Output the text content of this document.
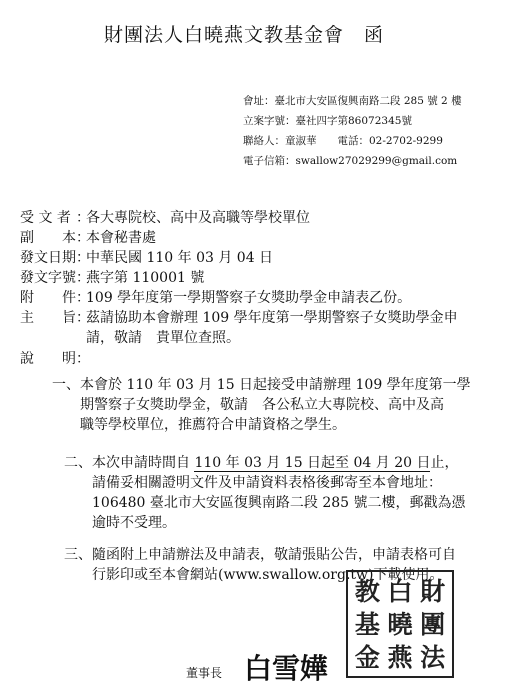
財團法人白曉燕文教基金會　函
會址：臺北市大安區復興南路二段 285 號 2 樓
立案字號：臺社四字第86072345號
聯絡人：童淑華　　電話：02-2702-9299
電子信箱：swallow27029299@gmail.com
受 文 者 ：
各大專院校、高中及高職等學校單位
副　　本 ：
本會秘書處
發文日期 ：
中華民國 110 年 03 月 04 日
發文字號 ：
燕字第 110001 號
附　　件 ：
109 學年度第一學期警察子女獎助學金申請表乙份。
主　　旨 ：
茲請協助本會辦理 109 學年度第一學期警察子女獎助學金申
請，敬請　貴單位查照。
說　　明：
一、本會於 110 年 03 月 15 日起接受申請辦理 109 學年度第一學
期警察子女獎助學金，敬請　各公私立大專院校、高中及高
職等學校單位，推薦符合申請資格之學生。
二、本次申請時間自 110 年 03 月 15 日起至 04 月 20 日止，
請備妥相關證明文件及申請資料表格後郵寄至本會地址：
106480 臺北市大安區復興南路二段 285 號二樓，郵戳為憑
逾時不受理。
三、隨函附上申請辦法及申請表，敬請張貼公告，申請表格可自
行影印或至本會網站(www.swallow.org.tw)下載使用。
教 白 財
基 曉 團
金 燕 法
董事長 白雪嬅
